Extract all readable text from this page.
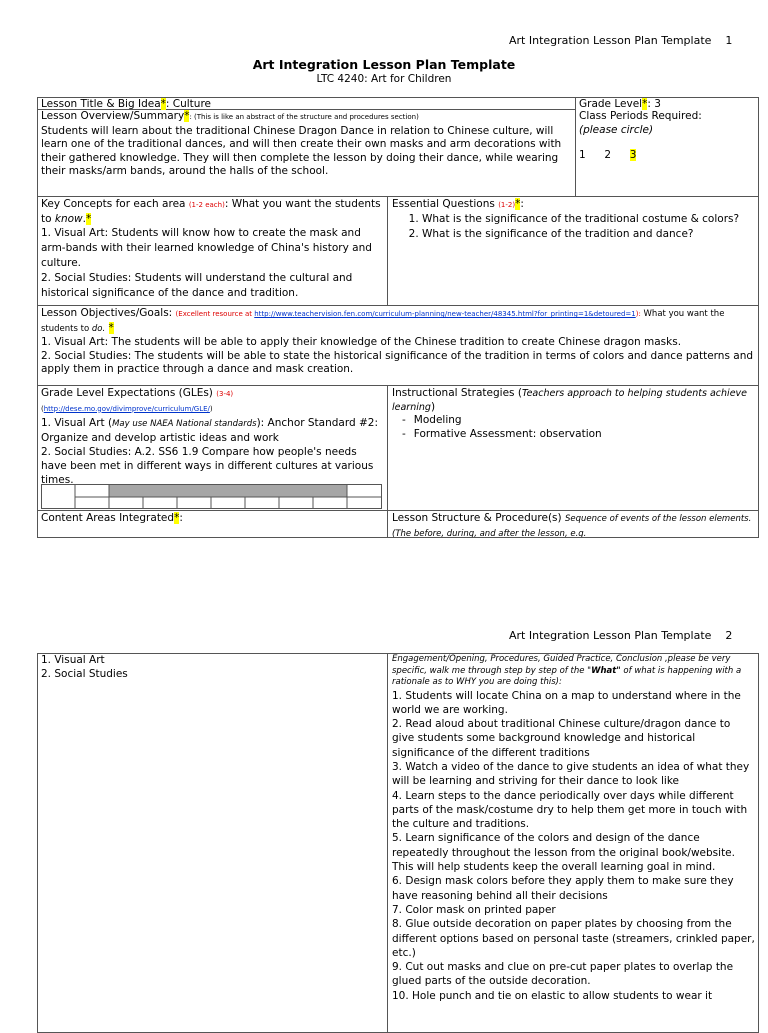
Art Integration Lesson Plan Template 1
Art Integration Lesson Plan Template
LTC 4240: Art for Children
Lesson Title & Big Idea*: Culture	Grade Level*: 3
Lesson Overview/Summary*: (This is like an abstract of the structure and procedures section)

Students will learn about the traditional Chinese Dragon Dance in relation to Chinese culture, will learn one of the traditional dances, and will then create their own masks and arm decorations with their gathered knowledge. They will then complete the lesson by doing their dance, while wearing their masks/arm bands, around the halls of the school.

Class Periods Required:

(please circle)

1 2 3

Key Concepts for each area (1-2 each): What you want the students to know.*

1. Visual Art: Students will know how to create the mask and arm-bands with their learned knowledge of China's history and culture.

2. Social Studies: Students will understand the cultural and historical significance of the dance and tradition.

Essential Questions (1-2)*:
1. What is the significance of the traditional costume & colors?
2. What is the significance of the tradition and dance?
Lesson Objectives/Goals: (Excellent resource at http://www.teachervision.fen.com/curriculum-planning/new-teacher/48345.html?for_printing=1&detoured=1): What you want the students to do. *

1. Visual Art: The students will be able to apply their knowledge of the Chinese tradition to create Chinese dragon masks.

2. Social Studies: The students will be able to state the historical significance of the tradition in terms of colors and dance patterns and apply them in practice through a dance and mask creation.

Grade Level Expectations (GLEs) (3-4)
(http://dese.mo.gov/divimprove/curriculum/GLE/)

1. Visual Art (May use NAEA National standards): Anchor Standard #2: Organize and develop artistic ideas and work

2. Social Studies: A.2. SS6 1.9 Compare how people's needs have been met in different ways in different cultures at various times.

Instructional Strategies (Teachers approach to helping students achieve learning)
- Modeling
- Formative Assessment: observation
Content Areas Integrated*:	Lesson Structure & Procedure(s) Sequence of events of the lesson elements. (The before, during, and after the lesson, e.g.
Art Integration Lesson Plan Template 2

1. Visual Art

2. Social Studies

Engagement/Opening, Procedures, Guided Practice, Conclusion ,please be very specific, walk me through step by step of the "What" of what is happening with a rationale as to WHY you are doing this):

1. Students will locate China on a map to understand where in the world we are working.

2. Read aloud about traditional Chinese culture/dragon dance to give students some background knowledge and historical significance of the different traditions

3. Watch a video of the dance to give students an idea of what they will be learning and striving for their dance to look like

4. Learn steps to the dance periodically over days while different parts of the mask/costume dry to help them get more in touch with the culture and traditions.

5. Learn significance of the colors and design of the dance repeatedly throughout the lesson from the original book/website. This will help students keep the overall learning goal in mind.

6. Design mask colors before they apply them to make sure they have reasoning behind all their decisions

7. Color mask on printed paper

8. Glue outside decoration on paper plates by choosing from the different options based on personal taste (streamers, crinkled paper, etc.)

9. Cut out masks and clue on pre-cut paper plates to overlap the glued parts of the outside decoration.

10. Hole punch and tie on elastic to allow students to wear it
